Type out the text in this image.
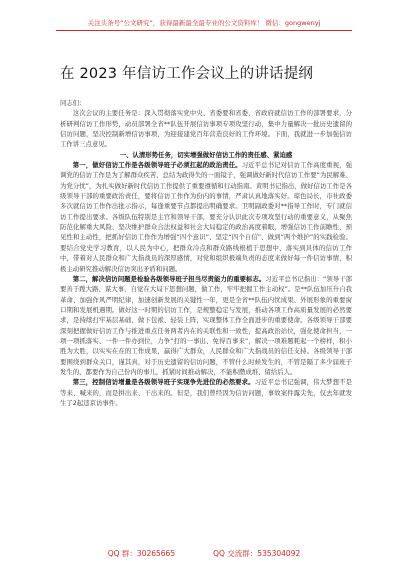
关注头条号“公文研究”，获得最新最全最专业的公文资料库！ 微信：gongwenyj
在 2023 年信访工作会议上的讲话提纲

同志们：

这次会议的主要任务是：深入贯彻落实党中央、省委要和省委、省政府就信访工作的部署要求，分析研判信访工作形势，动员部署全省**队伍开展信访事项专项攻坚行动，集中力量解决一批历史遗留的信访问题，坚决控制新增信访事项，为迎接建党百年营造良好的工作环境。下面，我就进一步加强信访工作讲三点意见。

一、认清形势任务，切实增强做好信访工作的责任感、紧迫感

第一，做好信访工作是各级领导班子必须扛起的政治责任。习近平总书记对信访工作高度重视，强调党的信访工作是为了解群众疾苦、总结为政得失的一面镜子，强调做好新时代信访工作要“为民解难、为党分忧”，为扎实做好新时代信访工作提供了重要遵循和行动指南。黄明书记指出，做好信访工作是各级领导干部的重要政治责任，要将信访工作作为份内的事情，严肃认真地落实好。琼色局长，市社政委多次就信访工作作出批示指示，每逢重要节点都提出明确要求。卫明副政委对**指导工作时，专门就信访工作提出要求。各级队伍特别是主官和领导干部，要充分认识此次专项攻坚行动的重要意义，从聚焦防范化解重大风险、坚决维护群众合法权益和社会大局稳定的政治高度着眼，增强信访工作前瞻性、预见性和主动性，把抓好信访工作作为增强“四个意识”、坚定“四个自信”、做到“两个维护”的实践检验。要结合党史学习教育，以人民为中心，把群众冷点和群众路线根植于思想中、落实到具体的信访工作中，带着对人民群众和广大指战员的深厚感情，对党和组织极端负责的态度来做好每一件信访事情，积极主动研究推动解决信访突出矛盾和问题。

第二，解决信访问题是检验各级领导班子担当尽责能力的重要标志。习近平总书记指出：“领导干部要善于蹚大路、谋大事，自觉在大局下思想问题，做工作，牢牢把握工作主动权”。是**队伍加压升自我革命、加强作风严明纪律，加速创新发展的关键性一年，更是全省**队伍内忧成果、外展形象的重要窗口期和发展机遇期。做好这一时期的信访工作，是规整稳定与发展，推动各项工作高质量发展的必然要求，是持续打牢基层基础、做下包袱、轻装上阵，实现整体工作全面进步的重要使命。各级领导干部要深刻把握做好信访工作与推进重点任务两者内在的关联性和一致性，提高政治站位，强化使命担当，一项一项抓落实、一件一件办到位，力争“打的一事出、免得百事来”，解决一项难题耗起一个榜样，积小胜为大胜，以实实在在的工作成果，赢得广大群众，人民群众和广大指战员的信任支持。各级领导干部要围绕到群众关口，谨其真，对于历史遗留的信访问题，不管什么时候发生的，不管是隔了多少届班子发生的，都要作为自己份内的事儿，抓紧时间推动解决，不能积攒成堆、留给后人。

第三，控制信访增量是各级领导班子实现争先进位的必然要求。习近平总书记强调，伟大梦想不是等来、喊来的，而是拼出来、干出来的。但是，我们曾经因为信访问题，事故案件露尖先，仅去年就发生了2起违京访事件。

QQ 群：30265665	QQ 交流群：535304092
